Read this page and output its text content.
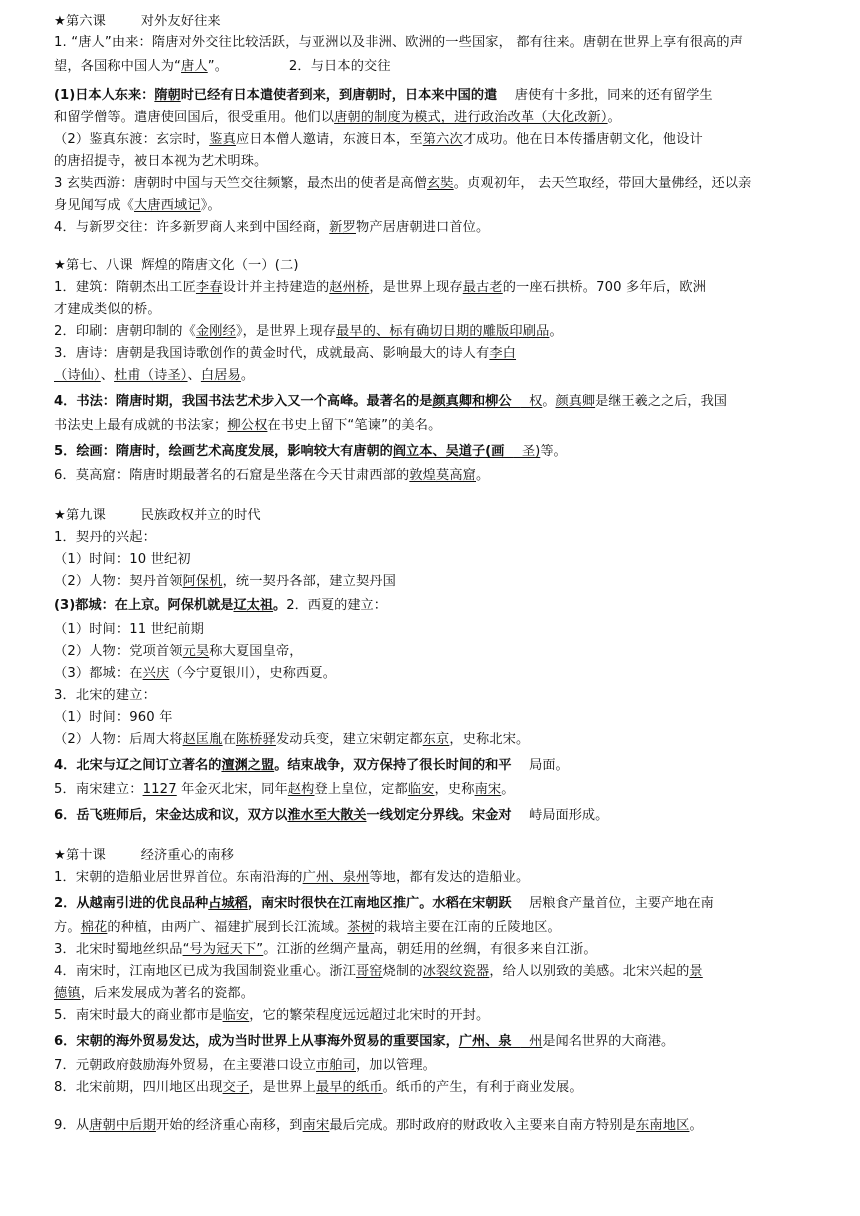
★第六课        对外友好往来
1. “唐人”由来：隋唐对外交往比较活跃，与亚洲以及非洲、欧洲的一些国家， 都有往来。唐朝在世界上享有很高的声
望，各国称中国人为“唐人”。              2．与日本的交往
(1)日本人东来：隋朝时已经有日本遣使者到来，到唐朝时，日本来中国的遣    唐使有十多批，同来的还有留学生
和留学僧等。遣唐使回国后，很受重用。他们以唐朝的制度为模式，进行政治改革（大化改新）。
（2）鉴真东渡：玄宗时，鉴真应日本僧人邀请，东渡日本，至第六次才成功。他在日本传播唐朝文化，他设计
的唐招提寺，被日本视为艺术明珠。
3 玄奘西游：唐朝时中国与天竺交往频繁，最杰出的使者是高僧玄奘。贞观初年， 去天竺取经，带回大量佛经，还以亲
身见闻写成《大唐西域记》。
4．与新罗交往：许多新罗商人来到中国经商，新罗物产居唐朝进口首位。
★第七、八课  辉煌的隋唐文化（一）(二)
1．建筑：隋朝杰出工匠李春设计并主持建造的赵州桥，是世界上现存最古老的一座石拱桥。700 多年后，欧洲
才建成类似的桥。
2．印刷：唐朝印制的《金刚经》，是世界上现存最早的、标有确切日期的雕版印刷品。
3．唐诗：唐朝是我国诗歌创作的黄金时代，成就最高、影响最大的诗人有李白
（诗仙）、杜甫（诗圣）、白居易。
4．书法：隋唐时期，我国书法艺术步入又一个高峰。最著名的是颜真卿和柳公    权。颜真卿是继王羲之之后，我国
书法史上最有成就的书法家；柳公权在书史上留下“笔谏”的美名。
5．绘画：隋唐时，绘画艺术高度发展，影响较大有唐朝的阎立本、吴道子(画    圣)等。
6．莫高窟：隋唐时期最著名的石窟是坐落在今天甘肃西部的敦煌莫高窟。
★第九课        民族政权并立的时代
1．契丹的兴起：
（1）时间：10 世纪初
（2）人物：契丹首领阿保机，统一契丹各部，建立契丹国
(3)都城：在上京。阿保机就是辽太祖。2．西夏的建立：
（1）时间：11 世纪前期
（2）人物：党项首领元昊称大夏国皇帝，
（3）都城：在兴庆（今宁夏银川），史称西夏。
3．北宋的建立：
（1）时间：960 年
（2）人物：后周大将赵匡胤在陈桥驿发动兵变，建立宋朝定都东京，史称北宋。
4．北宋与辽之间订立著名的澶渊之盟。结束战争，双方保持了很长时间的和平    局面。
5．南宋建立：1127 年金灭北宋，同年赵构登上皇位，定都临安，史称南宋。
6．岳飞班师后，宋金达成和议，双方以淮水至大散关一线划定分界线。宋金对    峙局面形成。
★第十课        经济重心的南移
1．宋朝的造船业居世界首位。东南沿海的广州、泉州等地，都有发达的造船业。
2．从越南引进的优良品种占城稻，南宋时很快在江南地区推广。水稻在宋朝跃    居粮食产量首位，主要产地在南
方。棉花的种植，由两广、福建扩展到长江流域。茶树的栽培主要在江南的丘陵地区。
3．北宋时蜀地丝织品“号为冠天下”。江浙的丝绸产量高，朝廷用的丝绸，有很多来自江浙。
4．南宋时，江南地区已成为我国制瓷业重心。浙江哥窑烧制的冰裂纹瓷器，给人以别致的美感。北宋兴起的景
德镇，后来发展成为著名的瓷都。
5．南宋时最大的商业都市是临安，它的繁荣程度远远超过北宋时的开封。
6．宋朝的海外贸易发达，成为当时世界上从事海外贸易的重要国家，广州、泉    州是闻名世界的大商港。
7．元朝政府鼓励海外贸易，在主要港口设立市舶司，加以管理。
8．北宋前期，四川地区出现交子，是世界上最早的纸币。纸币的产生，有利于商业发展。
9．从唐朝中后期开始的经济重心南移，到南宋最后完成。那时政府的财政收入主要来自南方特别是东南地区。
